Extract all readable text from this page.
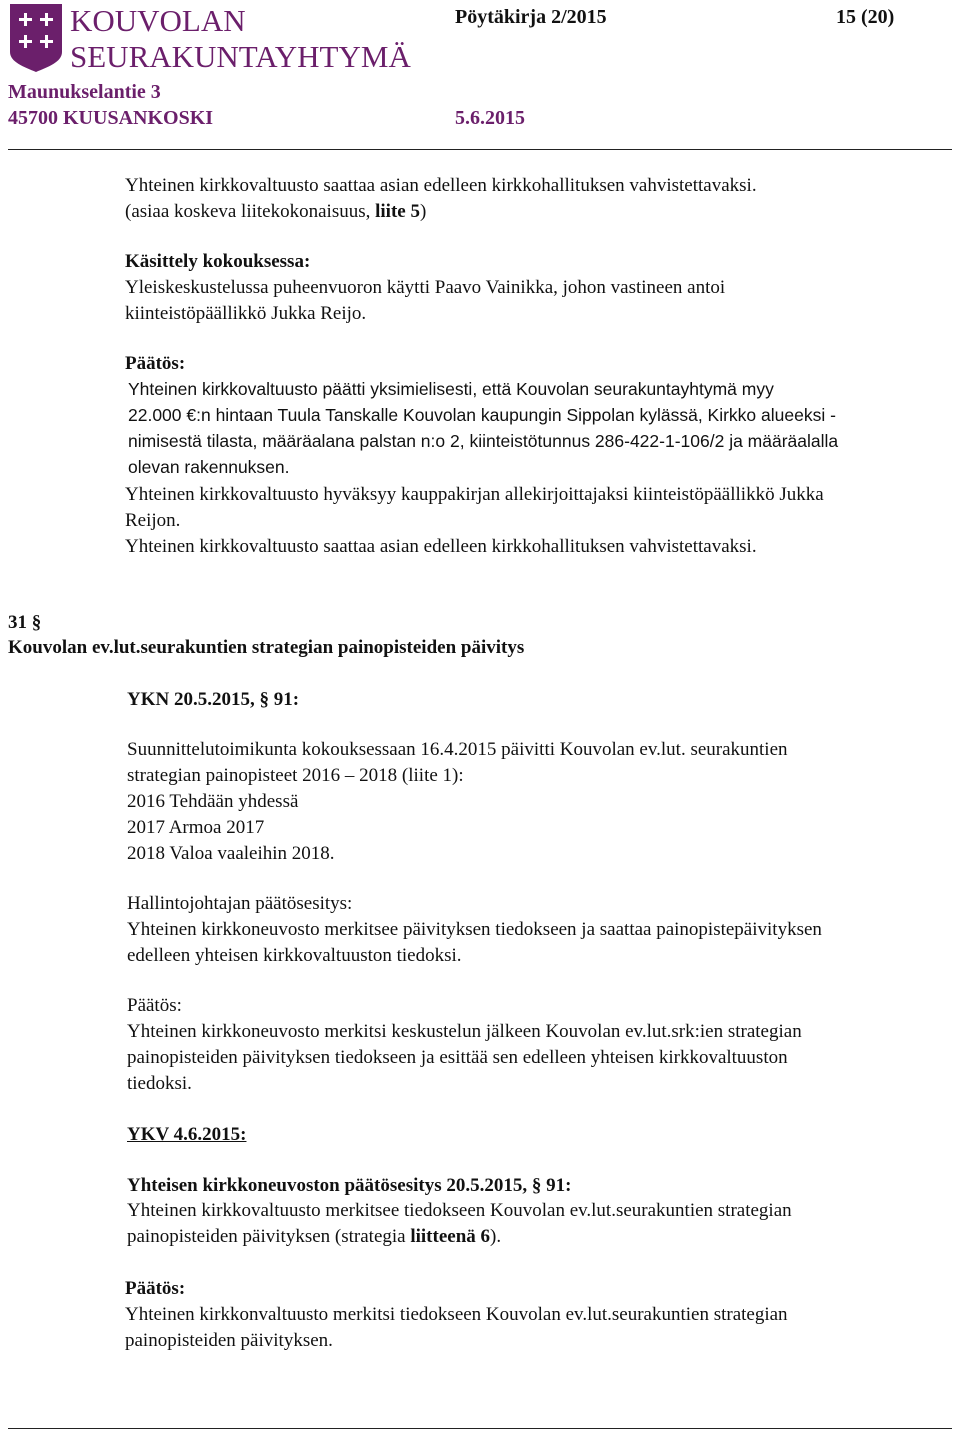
KOUVOLAN
SEURAKUNTAYHTYMÄ
Pöytäkirja 2/2015	15 (20)
Maunukselantie 3
45700 KUUSANKOSKI	5.6.2015
Yhteinen kirkkovaltuusto saattaa asian edelleen kirkkohallituksen vahvistettavaksi.
(asiaa koskeva liitekokonaisuus, liite 5)
Käsittely kokouksessa:
Yleiskeskustelussa puheenvuoron käytti Paavo Vainikka, johon vastineen antoi
kiinteistöpäällikkö Jukka Reijo.
Päätös:
Yhteinen kirkkovaltuusto päätti yksimielisesti, että Kouvolan seurakuntayhtymä myy
22.000 €:n hintaan Tuula Tanskalle Kouvolan kaupungin Sippolan kylässä, Kirkko alueeksi -
nimisestä tilasta, määräalana palstan n:o 2, kiinteistötunnus 286-422-1-106/2 ja määräalalla
olevan rakennuksen.
Yhteinen kirkkovaltuusto hyväksyy kauppakirjan allekirjoittajaksi kiinteistöpäällikkö Jukka
Reijon.
Yhteinen kirkkovaltuusto saattaa asian edelleen kirkkohallituksen vahvistettavaksi.
31 §
Kouvolan ev.lut.seurakuntien strategian painopisteiden päivitys
YKN 20.5.2015, § 91:
Suunnittelutoimikunta kokouksessaan 16.4.2015 päivitti Kouvolan ev.lut. seurakuntien
strategian painopisteet 2016 – 2018 (liite 1):
2016 Tehdään yhdessä
2017 Armoa 2017
2018 Valoa vaaleihin 2018.
Hallintojohtajan päätösesitys:
Yhteinen kirkkoneuvosto merkitsee päivityksen tiedokseen ja saattaa painopistepäivityksen
edelleen yhteisen kirkkovaltuuston tiedoksi.
Päätös:
Yhteinen kirkkoneuvosto merkitsi keskustelun jälkeen Kouvolan ev.lut.srk:ien strategian
painopisteiden päivityksen tiedokseen ja esittää sen edelleen yhteisen kirkkovaltuuston
tiedoksi.
YKV 4.6.2015:
Yhteisen kirkkoneuvoston päätösesitys 20.5.2015, § 91:
Yhteinen kirkkovaltuusto merkitsee tiedokseen Kouvolan ev.lut.seurakuntien strategian
painopisteiden päivityksen (strategia liitteenä 6).
Päätös:
Yhteinen kirkkonvaltuusto merkitsi tiedokseen Kouvolan ev.lut.seurakuntien strategian
painopisteiden päivityksen.
